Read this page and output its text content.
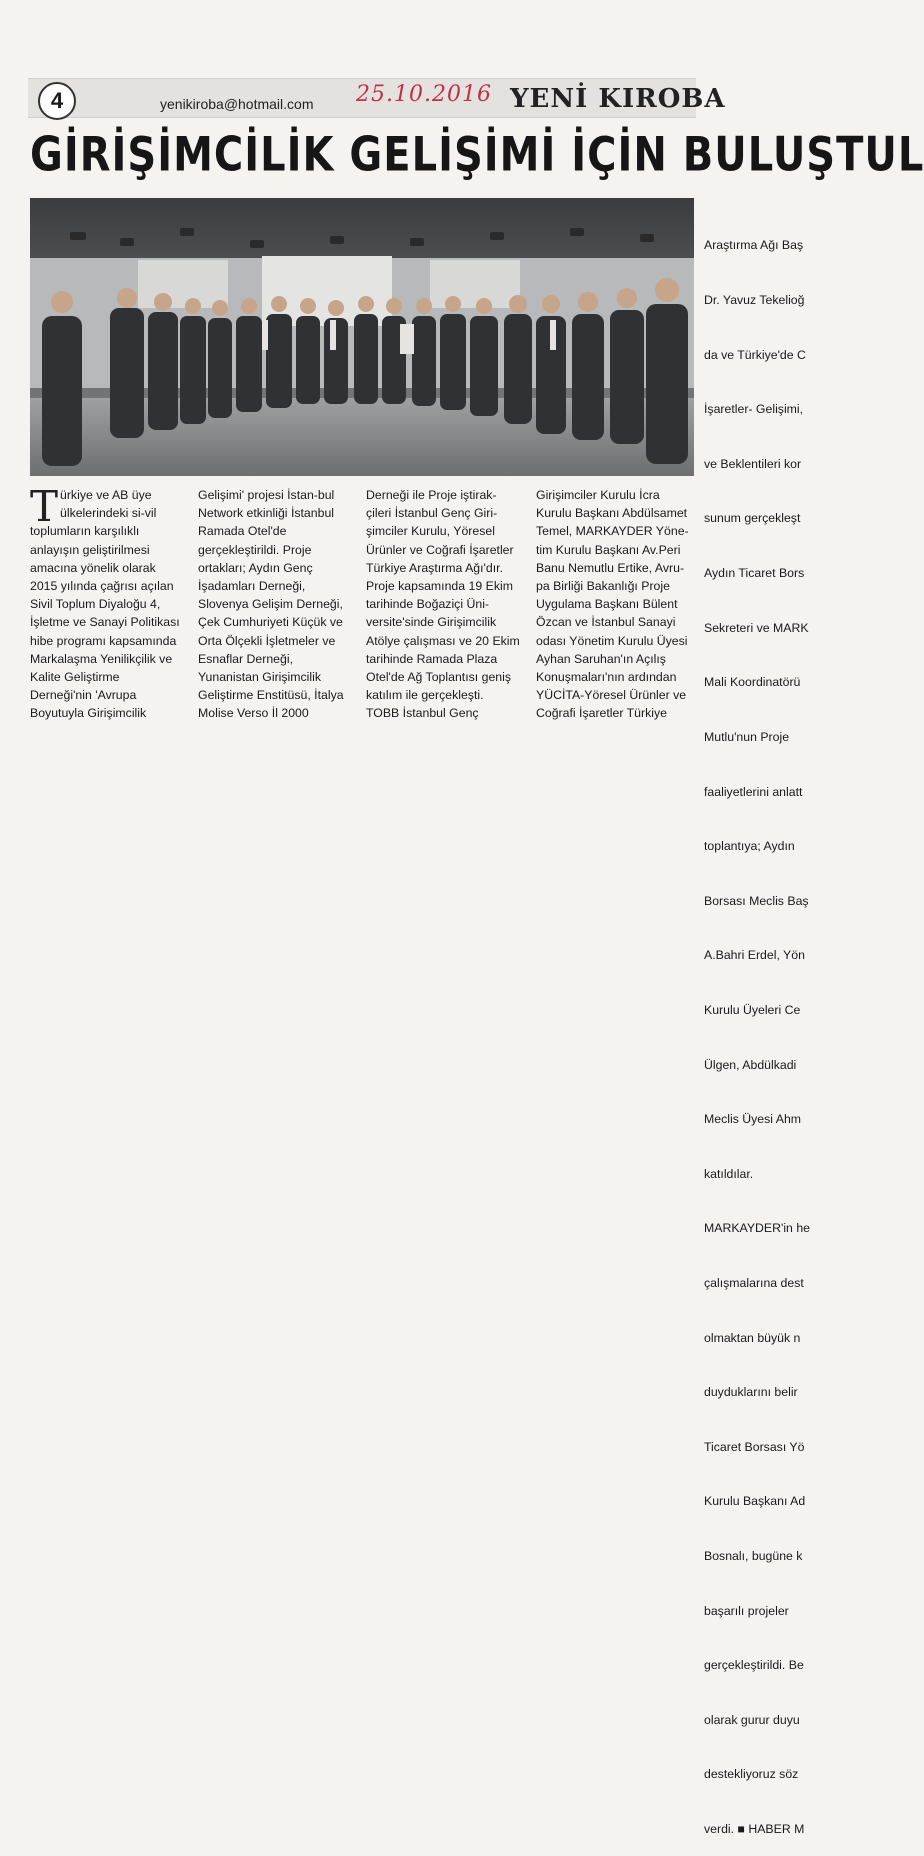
4	yenikiroba@hotmail.com 25.10.2016 YENİ KIROBA
GİRİŞİMCİLİK GELİŞİMİ İÇİN BULUŞTUL

Araştırma Ağı Baş

Dr. Yavuz Tekelioğ

da ve Türkiye'de C

İşaretler- Gelişimi,

ve Beklentileri kor

sunum gerçekleşt

Aydın Ticaret Bors

Sekreteri ve MARK

Mali Koordinatörü

Mutlu'nun Proje

faaliyetlerini anlatt

toplantıya; Aydın

Borsası Meclis Baş

A.Bahri Erdel, Yön

Kurulu Üyeleri Ce

Ülgen, Abdülkadi

Meclis Üyesi Ahm

katıldılar.

MARKAYDER'in he

çalışmalarına dest

olmaktan büyük n

duyduklarını belir

Ticaret Borsası Yö

Kurulu Başkanı Ad

Bosnalı, bugüne k

başarılı projeler

gerçekleştirildi. Be

olarak gurur duyu

destekliyoruz söz

verdi. ■ HABER M

T ürkiye ve AB üye
ülkelerindeki si-vil
toplumların karşılıklı
anlayışın geliştirilmesi
amacına yönelik olarak
2015 yılında çağrısı açılan
Sivil Toplum Diyaloğu 4,
İşletme ve Sanayi Politikası
hibe programı kapsamında
Markalaşma Yenilikçilik ve
Kalite Geliştirme
Derneği'nin 'Avrupa
Boyutuyla Girişimcilik
Gelişimi' projesi İstan-bul
Network etkinliği İstanbul
Ramada Otel'de
gerçekleştirildi. Proje
ortakları; Aydın Genç
İşadamları Derneği,
Slovenya Gelişim Derneği,
Çek Cumhuriyeti Küçük ve
Orta Ölçekli İşletmeler ve
Esnaflar Derneği,
Yunanistan Girişimcilik
Geliştirme Enstitüsü, İtalya
Molise Verso İl 2000
Derneği ile Proje iştirak-
çileri İstanbul Genç Giri-
şimciler Kurulu, Yöresel
Ürünler ve Coğrafi İşaretler
Türkiye Araştırma Ağı'dır.
Proje kapsamında 19 Ekim
tarihinde Boğaziçi Üni-
versite'sinde Girişimcilik
Atölye çalışması ve 20 Ekim
tarihinde Ramada Plaza
Otel'de Ağ Toplantısı geniş
katılım ile gerçekleşti.
TOBB İstanbul Genç
Girişimciler Kurulu İcra
Kurulu Başkanı Abdülsamet
Temel, MARKAYDER Yöne-
tim Kurulu Başkanı Av.Peri
Banu Nemutlu Ertike, Avru-
pa Birliği Bakanlığı Proje
Uygulama Başkanı Bülent
Özcan ve İstanbul Sanayi
odası Yönetim Kurulu Üyesi
Ayhan Saruhan'ın Açılış
Konuşmaları'nın ardından
YÜCİTA-Yöresel Ürünler ve
Coğrafi İşaretler Türkiye
